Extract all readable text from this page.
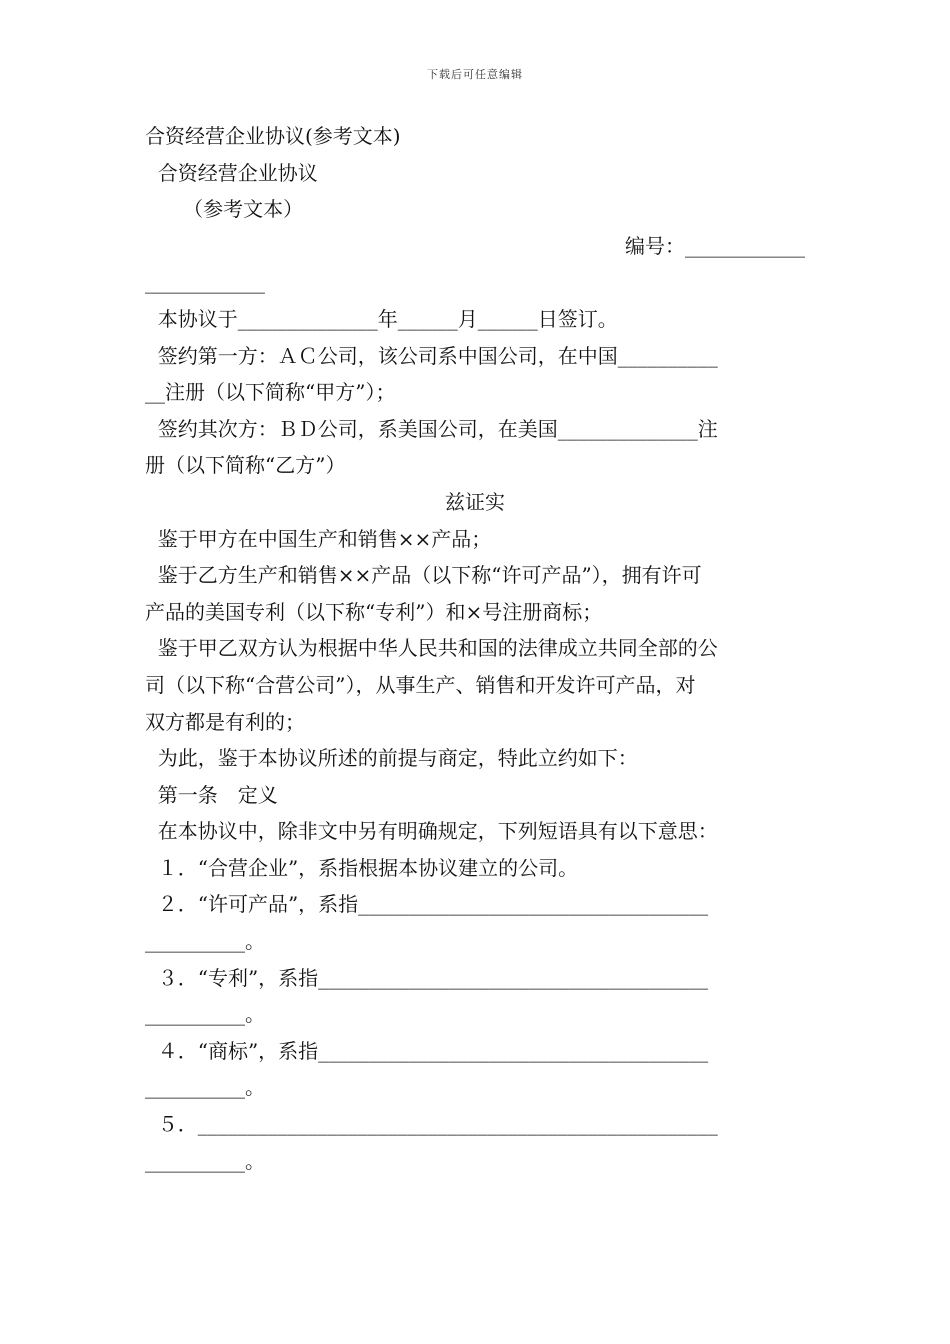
下载后可任意编辑

合资经营企业协议(参考文本)

合资经营企业协议

（参考文本）

编号：____________

____________

本协议于______________年______月______日签订。

签约第一方：ＡＣ公司，该公司系中国公司，在中国__________

__注册（以下简称“甲方”）；

签约其次方：ＢＤ公司，系美国公司，在美国______________注

册（以下简称“乙方”）

兹证实

鉴于甲方在中国生产和销售××产品；

鉴于乙方生产和销售××产品（以下称“许可产品”），拥有许可

产品的美国专利（以下称“专利”）和×号注册商标；

鉴于甲乙双方认为根据中华人民共和国的法律成立共同全部的公

司（以下称“合营公司”），从事生产、销售和开发许可产品，对

双方都是有利的；

为此，鉴于本协议所述的前提与商定，特此立约如下：

第一条　定义

在本协议中，除非文中另有明确规定，下列短语具有以下意思：

１．“合营企业”，系指根据本协议建立的公司。

２．“许可产品”，系指___________________________________

__________。

３．“专利”，系指_______________________________________

__________。

４．“商标”，系指_______________________________________

__________。

５．____________________________________________________

__________。
